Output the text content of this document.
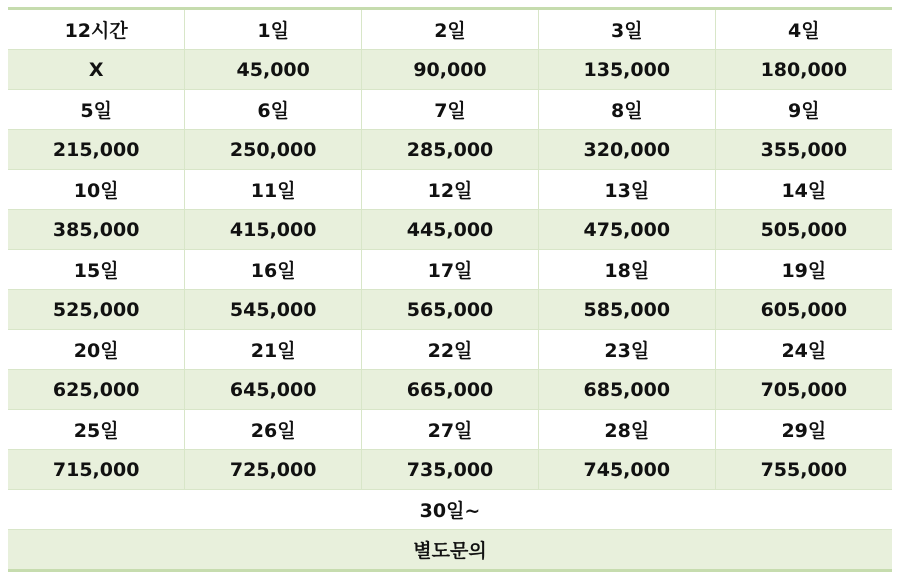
12시간	1일	2일	3일	4일
X	45,000	90,000	135,000	180,000
5일	6일	7일	8일	9일
215,000	250,000	285,000	320,000	355,000
10일	11일	12일	13일	14일
385,000	415,000	445,000	475,000	505,000
15일	16일	17일	18일	19일
525,000	545,000	565,000	585,000	605,000
20일	21일	22일	23일	24일
625,000	645,000	665,000	685,000	705,000
25일	26일	27일	28일	29일
715,000	725,000	735,000	745,000	755,000
30일~				
별도문의				
